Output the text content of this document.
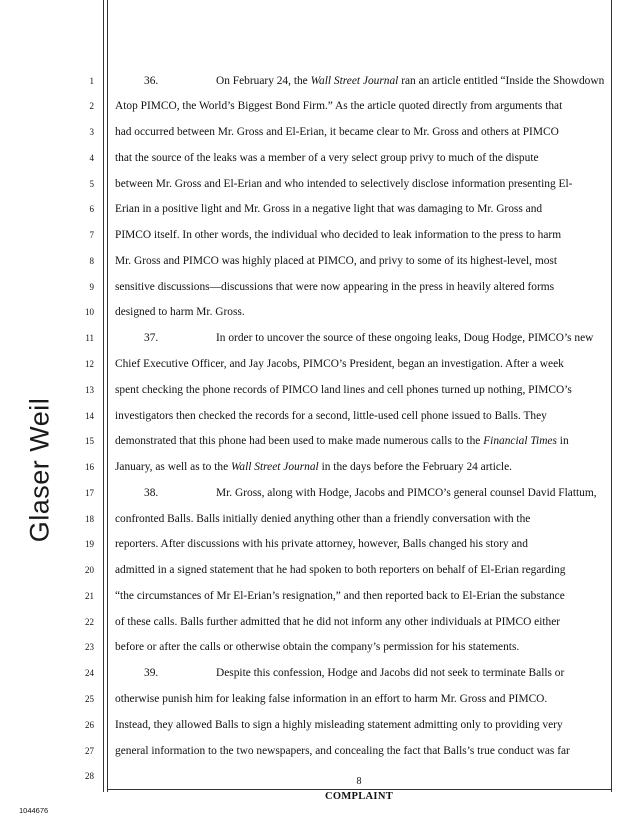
Glaser Weil
1
2
3
4
5
6
7
8
9
10
11
12
13
14
15
16
17
18
19
20
21
22
23
24
25
26
27
28
36.	On February 24, the Wall Street Journal ran an article entitled “Inside the Showdown
Atop PIMCO, the World’s Biggest Bond Firm.” As the article quoted directly from arguments that
had occurred between Mr. Gross and El-Erian, it became clear to Mr. Gross and others at PIMCO
that the source of the leaks was a member of a very select group privy to much of the dispute
between Mr. Gross and El-Erian and who intended to selectively disclose information presenting El-
Erian in a positive light and Mr. Gross in a negative light that was damaging to Mr. Gross and
PIMCO itself. In other words, the individual who decided to leak information to the press to harm
Mr. Gross and PIMCO was highly placed at PIMCO, and privy to some of its highest-level, most
sensitive discussions—discussions that were now appearing in the press in heavily altered forms
designed to harm Mr. Gross.
37.	In order to uncover the source of these ongoing leaks, Doug Hodge, PIMCO’s new
Chief Executive Officer, and Jay Jacobs, PIMCO’s President, began an investigation. After a week
spent checking the phone records of PIMCO land lines and cell phones turned up nothing, PIMCO’s
investigators then checked the records for a second, little-used cell phone issued to Balls. They
demonstrated that this phone had been used to make made numerous calls to the Financial Times in
January, as well as to the Wall Street Journal in the days before the February 24 article.
38.	Mr. Gross, along with Hodge, Jacobs and PIMCO’s general counsel David Flattum,
confronted Balls. Balls initially denied anything other than a friendly conversation with the
reporters. After discussions with his private attorney, however, Balls changed his story and
admitted in a signed statement that he had spoken to both reporters on behalf of El-Erian regarding
“the circumstances of Mr El-Erian’s resignation,” and then reported back to El-Erian the substance
of these calls. Balls further admitted that he did not inform any other individuals at PIMCO either
before or after the calls or otherwise obtain the company’s permission for his statements.
39.	Despite this confession, Hodge and Jacobs did not seek to terminate Balls or
otherwise punish him for leaking false information in an effort to harm Mr. Gross and PIMCO.
Instead, they allowed Balls to sign a highly misleading statement admitting only to providing very
general information to the two newspapers, and concealing the fact that Balls’s true conduct was far
8
COMPLAINT
1044676
